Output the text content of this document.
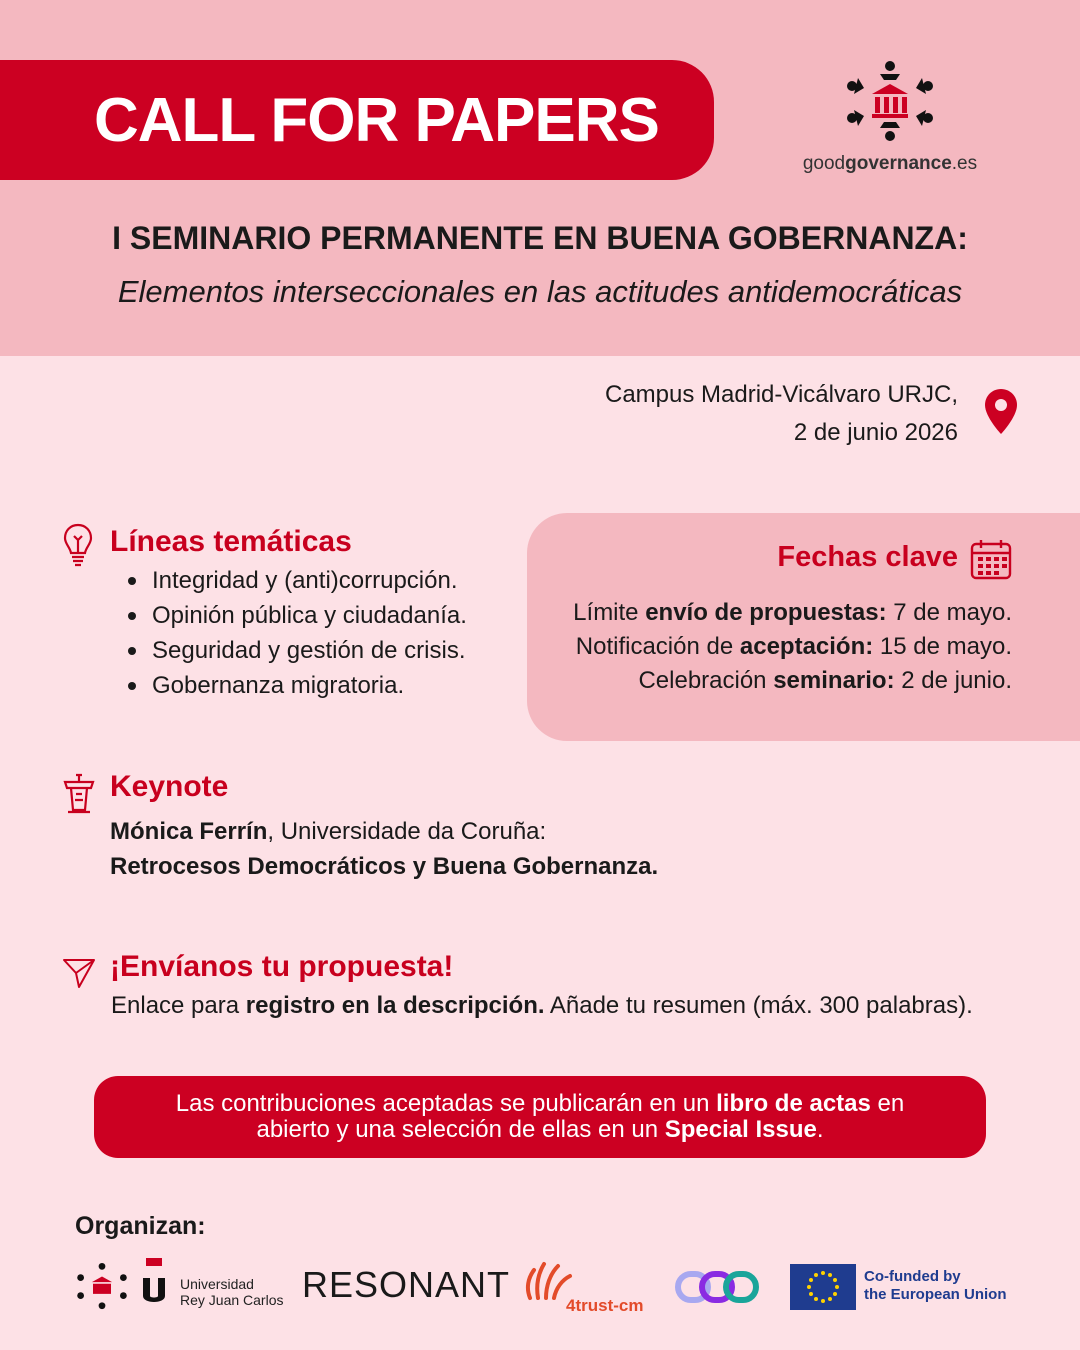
CALL FOR PAPERS
goodgovernance.es
I SEMINARIO PERMANENTE EN BUENA GOBERNANZA:
Elementos interseccionales en las actitudes antidemocráticas
Campus Madrid-Vicálvaro URJC,
2 de junio 2026
Líneas temáticas
Integridad y (anti)corrupción.
Opinión pública y ciudadanía.
Seguridad y gestión de crisis.
Gobernanza migratoria.
Fechas clave
Límite envío de propuestas: 7 de mayo.
Notificación de aceptación: 15 de mayo.
Celebración seminario: 2 de junio.
Keynote
Mónica Ferrín, Universidade da Coruña:
Retrocesos Democráticos y Buena Gobernanza.
¡Envíanos tu propuesta!
Enlace para registro en la descripción. Añade tu resumen (máx. 300 palabras).
Las contribuciones aceptadas se publicarán en un libro de actas en
abierto y una selección de ellas en un Special Issue.
Organizan:
Universidad
Rey Juan Carlos RESONANT
4trust-cm
Co-funded by
the European Union
